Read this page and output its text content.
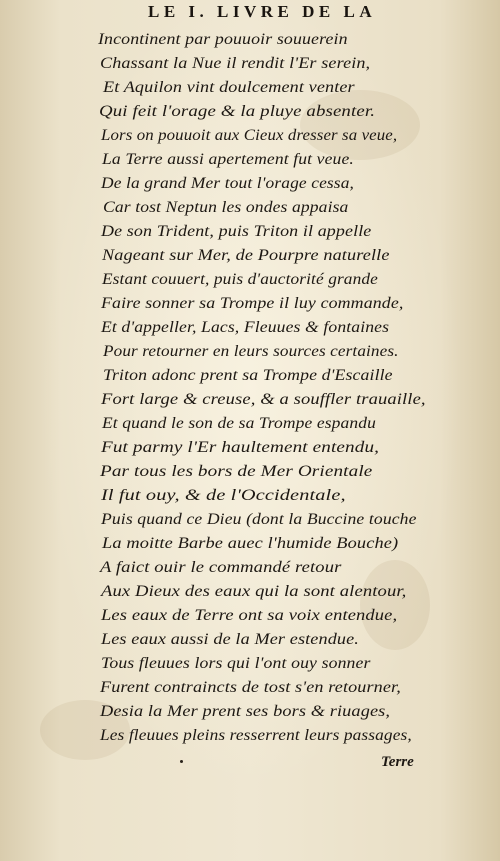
LE I. LIVRE DE LA
Incontinent par pouuoir souuerein
Chassant la Nue il rendit l'Er serein,
Et Aquilon vint doulcement venter
Qui feit l'orage & la pluye absenter.
Lors on pouuoit aux Cieux dresser sa veue,
La Terre aussi apertement fut veue.
De la grand Mer tout l'orage cessa,
Car tost Neptun les ondes appaisa
De son Trident, puis Triton il appelle
Nageant sur Mer, de Pourpre naturelle
Estant couuert, puis d'auctorité grande
Faire sonner sa Trompe il luy commande,
Et d'appeller, Lacs, Fleuues & fontaines
Pour retourner en leurs sources certaines.
Triton adonc prent sa Trompe d'Escaille
Fort large & creuse, & a souffler trauaille,
Et quand le son de sa Trompe espandu
Fut parmy l'Er haultement entendu,
Par tous les bors de Mer Orientale
Il fut ouy, & de l'Occidentale,
Puis quand ce Dieu (dont la Buccine touche
La moitte Barbe auec l'humide Bouche)
A faict ouir le commandé retour
Aux Dieux des eaux qui la sont alentour,
Les eaux de Terre ont sa voix entendue,
Les eaux aussi de la Mer estendue.
Tous fleuues lors qui l'ont ouy sonner
Furent contraincts de tost s'en retourner,
Desia la Mer prent ses bors & riuages,
Les fleuues pleins resserrent leurs passages,
Terre
